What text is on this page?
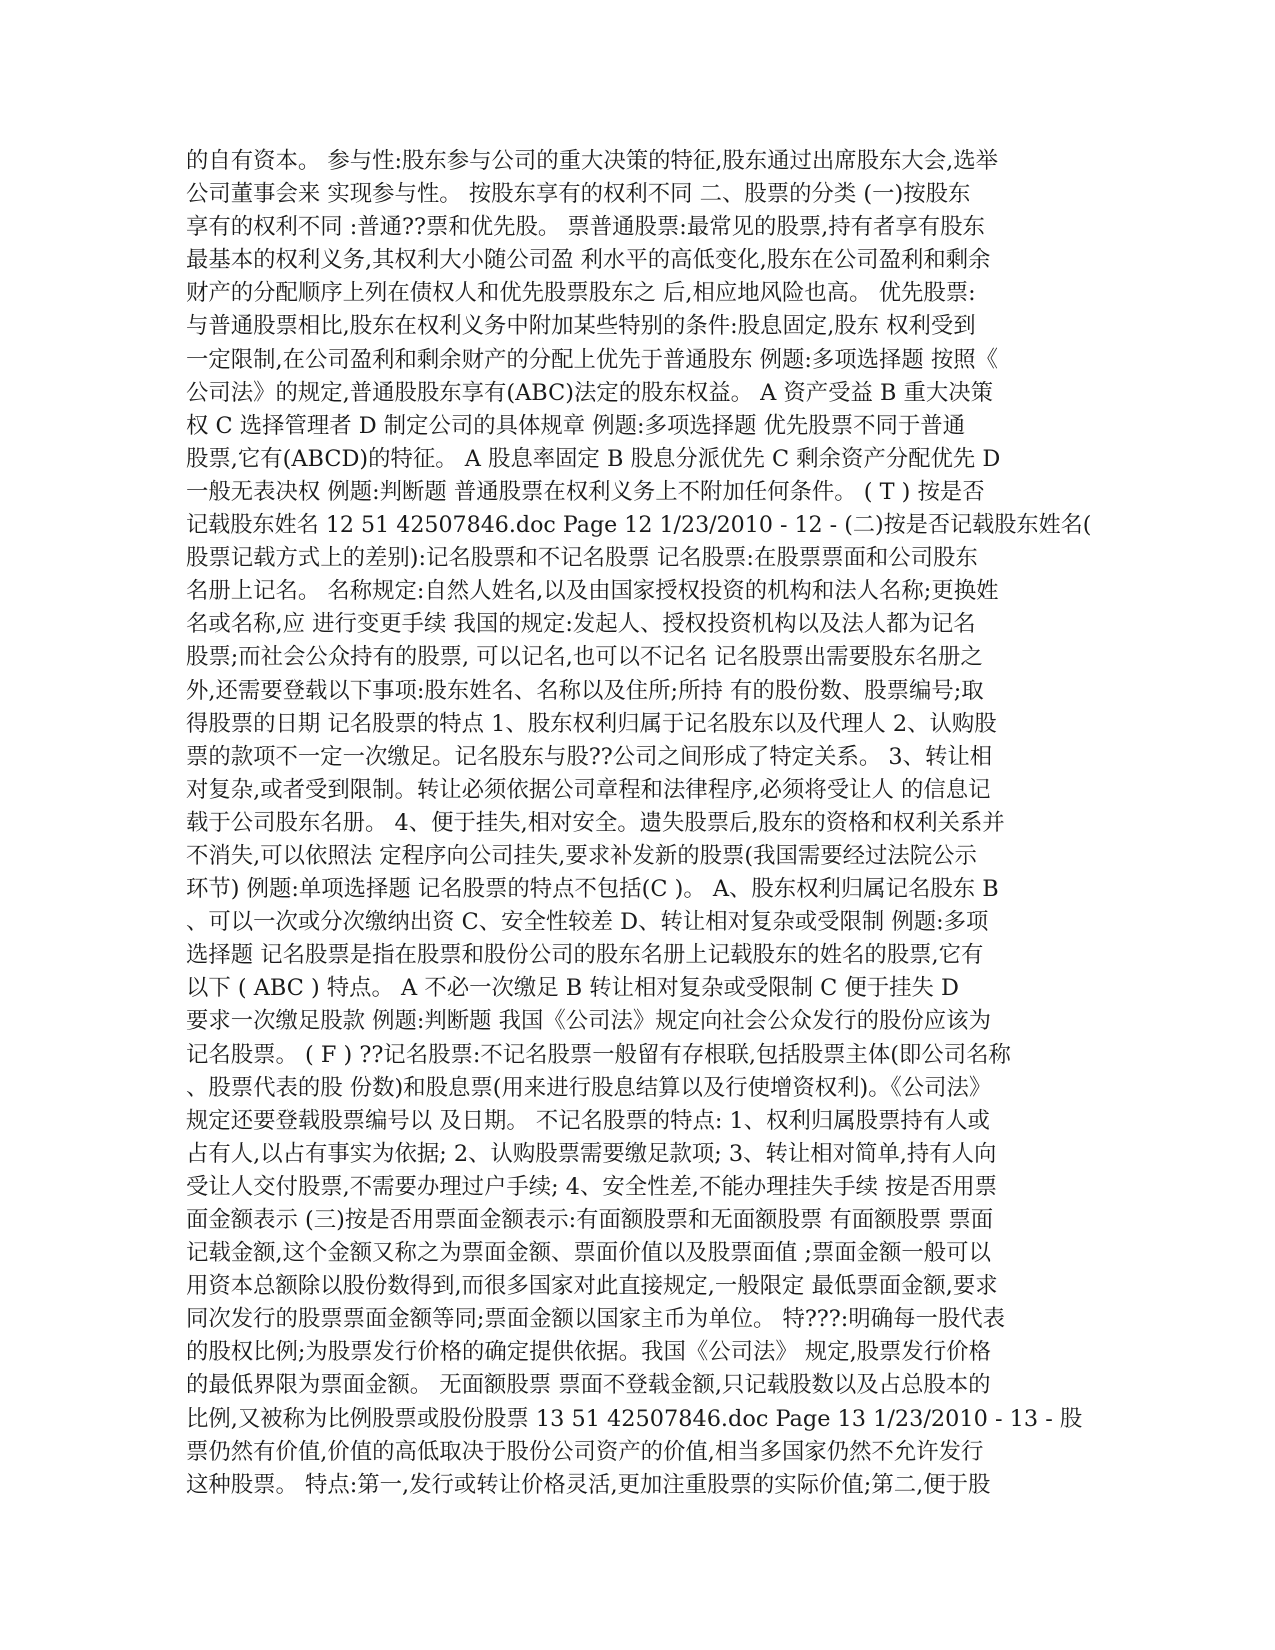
的自有资本。 参与性:股东参与公司的重大决策的特征,股东通过出席股东大会,选举
公司董事会来 实现参与性。 按股东享有的权利不同 二、股票的分类 (一)按股东
享有的权利不同 :普通??票和优先股。 票普通股票:最常见的股票,持有者享有股东
最基本的权利义务,其权利大小随公司盈 利水平的高低变化,股东在公司盈利和剩余
财产的分配顺序上列在债权人和优先股票股东之 后,相应地风险也高。 优先股票:
与普通股票相比,股东在权利义务中附加某些特别的条件:股息固定,股东 权利受到
一定限制,在公司盈利和剩余财产的分配上优先于普通股东 例题:多项选择题 按照《
公司法》的规定,普通股股东享有(ABC)法定的股东权益。 A 资产受益 B 重大决策
权 C 选择管理者 D 制定公司的具体规章 例题:多项选择题 优先股票不同于普通
股票,它有(ABCD)的特征。 A 股息率固定 B 股息分派优先 C 剩余资产分配优先 D
一般无表决权 例题:判断题 普通股票在权利义务上不附加任何条件。 ( T ) 按是否
记载股东姓名 12 51 42507846.doc Page 12 1/23/2010 - 12 - (二)按是否记载股东姓名(
股票记载方式上的差别):记名股票和不记名股票 记名股票:在股票票面和公司股东
名册上记名。 名称规定:自然人姓名,以及由国家授权投资的机构和法人名称;更换姓
名或名称,应 进行变更手续 我国的规定:发起人、授权投资机构以及法人都为记名
股票;而社会公众持有的股票, 可以记名,也可以不记名 记名股票出需要股东名册之
外,还需要登载以下事项:股东姓名、名称以及住所;所持 有的股份数、股票编号;取
得股票的日期 记名股票的特点 1、股东权利归属于记名股东以及代理人 2、认购股
票的款项不一定一次缴足。记名股东与股??公司之间形成了特定关系。 3、转让相
对复杂,或者受到限制。转让必须依据公司章程和法律程序,必须将受让人 的信息记
载于公司股东名册。 4、便于挂失,相对安全。遗失股票后,股东的资格和权利关系并
不消失,可以依照法 定程序向公司挂失,要求补发新的股票(我国需要经过法院公示
环节) 例题:单项选择题 记名股票的特点不包括(C )。 A、股东权利归属记名股东 B
、可以一次或分次缴纳出资 C、安全性较差 D、转让相对复杂或受限制 例题:多项
选择题 记名股票是指在股票和股份公司的股东名册上记载股东的姓名的股票,它有
以下 ( ABC ) 特点。 A 不必一次缴足 B 转让相对复杂或受限制 C 便于挂失 D
要求一次缴足股款 例题:判断题 我国《公司法》规定向社会公众发行的股份应该为
记名股票。 ( F ) ??记名股票:不记名股票一般留有存根联,包括股票主体(即公司名称
、股票代表的股 份数)和股息票(用来进行股息结算以及行使增资权利)。《公司法》
规定还要登载股票编号以 及日期。 不记名股票的特点: 1、权利归属股票持有人或
占有人,以占有事实为依据; 2、认购股票需要缴足款项; 3、转让相对简单,持有人向
受让人交付股票,不需要办理过户手续; 4、安全性差,不能办理挂失手续 按是否用票
面金额表示 (三)按是否用票面金额表示:有面额股票和无面额股票 有面额股票 票面
记载金额,这个金额又称之为票面金额、票面价值以及股票面值 ;票面金额一般可以
用资本总额除以股份数得到,而很多国家对此直接规定,一般限定 最低票面金额,要求
同次发行的股票票面金额等同;票面金额以国家主币为单位。 特???:明确每一股代表
的股权比例;为股票发行价格的确定提供依据。我国《公司法》 规定,股票发行价格
的最低界限为票面金额。 无面额股票 票面不登载金额,只记载股数以及占总股本的
比例,又被称为比例股票或股份股票 13 51 42507846.doc Page 13 1/23/2010 - 13 - 股
票仍然有价值,价值的高低取决于股份公司资产的价值,相当多国家仍然不允许发行
这种股票。 特点:第一,发行或转让价格灵活,更加注重股票的实际价值;第二,便于股
